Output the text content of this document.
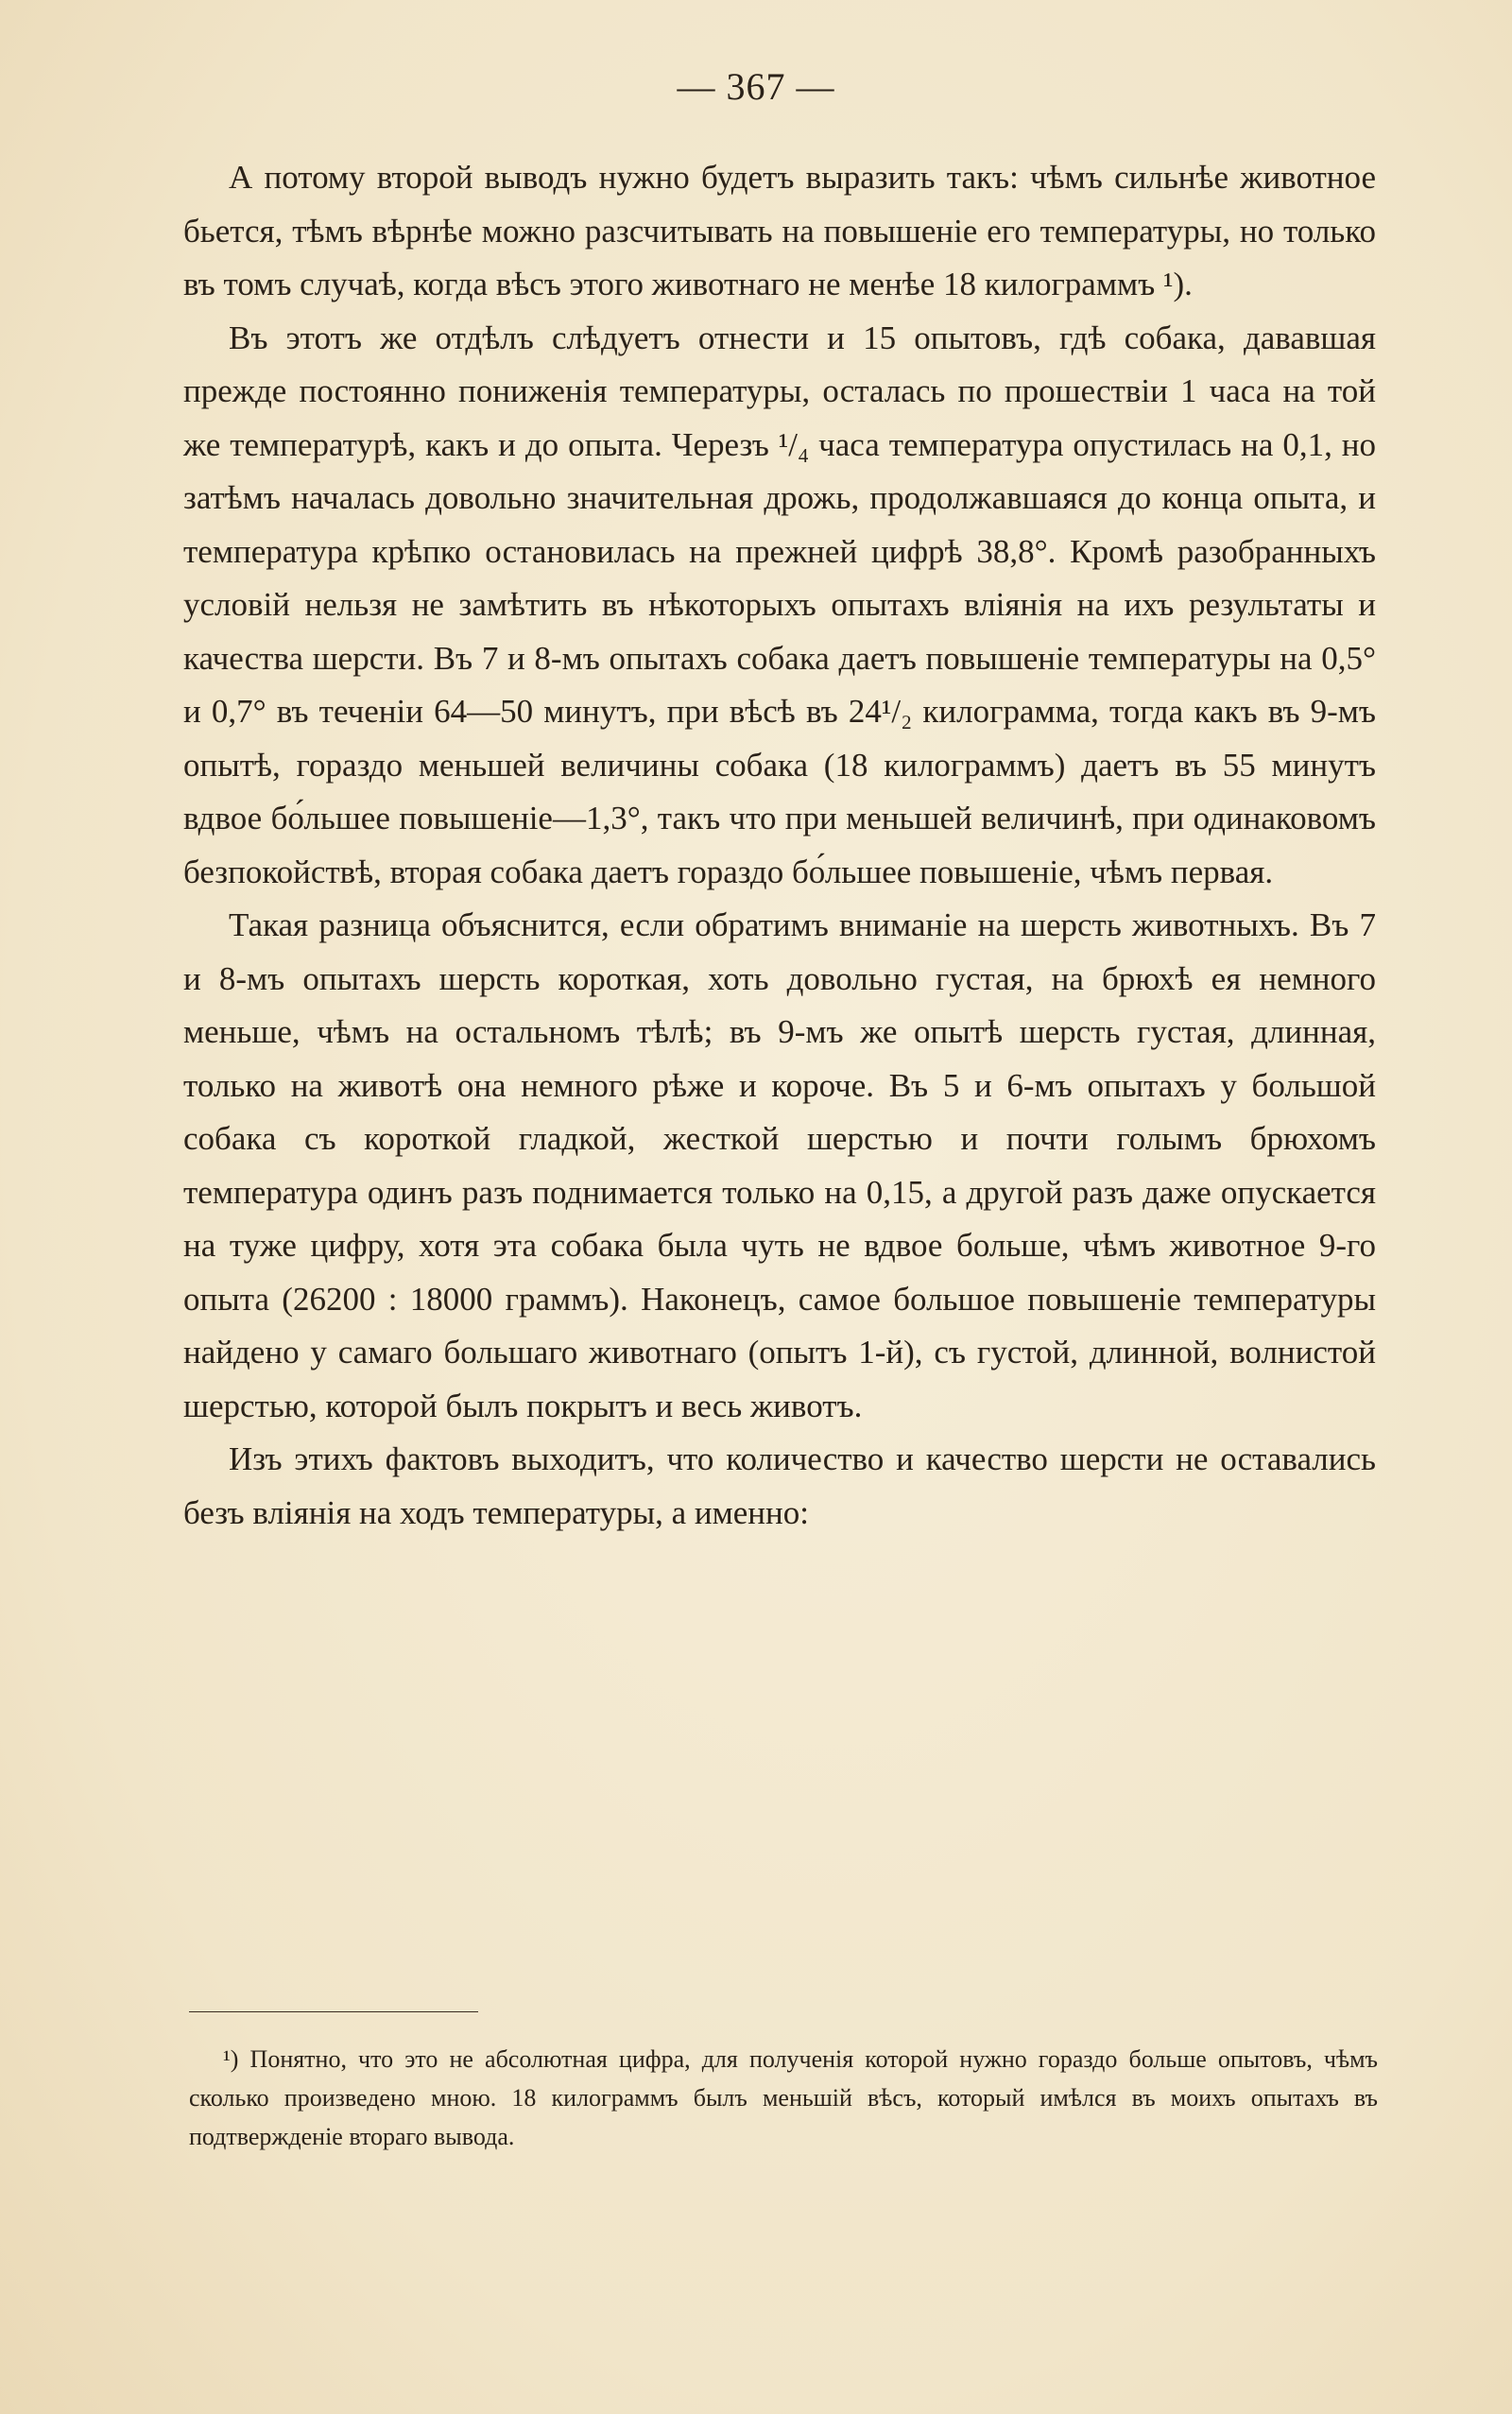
— 367 —

А потому второй выводъ нужно будетъ выразить такъ: чѣмъ сильнѣе животное бьется, тѣмъ вѣрнѣе можно разсчитывать на повышеніе его температуры, но только въ томъ случаѣ, когда вѣсъ этого животнаго не менѣе 18 килограммъ ¹).

Въ этотъ же отдѣлъ слѣдуетъ отнести и 15 опытовъ, гдѣ собака, дававшая прежде постоянно пониженія температуры, осталась по прошествіи 1 часа на той же температурѣ, какъ и до опыта. Черезъ ¹/₄ часа температура опустилась на 0,1, но затѣмъ началась довольно значительная дрожь, продолжавшаяся до конца опыта, и температура крѣпко остановилась на прежней цифрѣ 38,8°. Кромѣ разобранныхъ условій нельзя не замѣтить въ нѣкоторыхъ опытахъ вліянія на ихъ результаты и качества шерсти. Въ 7 и 8-мъ опытахъ собака даетъ повышеніе температуры на 0,5° и 0,7° въ теченіи 64—50 минутъ, при вѣсѣ въ 24¹/₂ килограмма, тогда какъ въ 9-мъ опытѣ, гораздо меньшей величины собака (18 килограммъ) даетъ въ 55 минутъ вдвое бо́льшее повышеніе—1,3°, такъ что при меньшей величинѣ, при одинаковомъ безпокойствѣ, вторая собака даетъ гораздо бо́льшее повышеніе, чѣмъ первая.

Такая разница объяснится, если обратимъ вниманіе на шерсть животныхъ. Въ 7 и 8-мъ опытахъ шерсть короткая, хоть довольно густая, на брюхѣ ея немного меньше, чѣмъ на остальномъ тѣлѣ; въ 9-мъ же опытѣ шерсть густая, длинная, только на животѣ она немного рѣже и короче. Въ 5 и 6-мъ опытахъ у большой собака съ короткой гладкой, жесткой шерстью и почти голымъ брюхомъ температура одинъ разъ поднимается только на 0,15, а другой разъ даже опускается на туже цифру, хотя эта собака была чуть не вдвое больше, чѣмъ животное 9-го опыта (26200 : 18000 граммъ). Наконецъ, самое большое повышеніе температуры найдено у самаго большаго животнаго (опытъ 1-й), съ густой, длинной, волнистой шерстью, которой былъ покрытъ и весь животъ.

Изъ этихъ фактовъ выходитъ, что количество и качество шерсти не оставались безъ вліянія на ходъ температуры, а именно:

¹) Понятно, что это не абсолютная цифра, для полученія которой нужно гораздо больше опытовъ, чѣмъ сколько произведено мною. 18 килограммъ былъ меньшій вѣсъ, который имѣлся въ моихъ опытахъ въ подтвержденіе втораго вывода.
